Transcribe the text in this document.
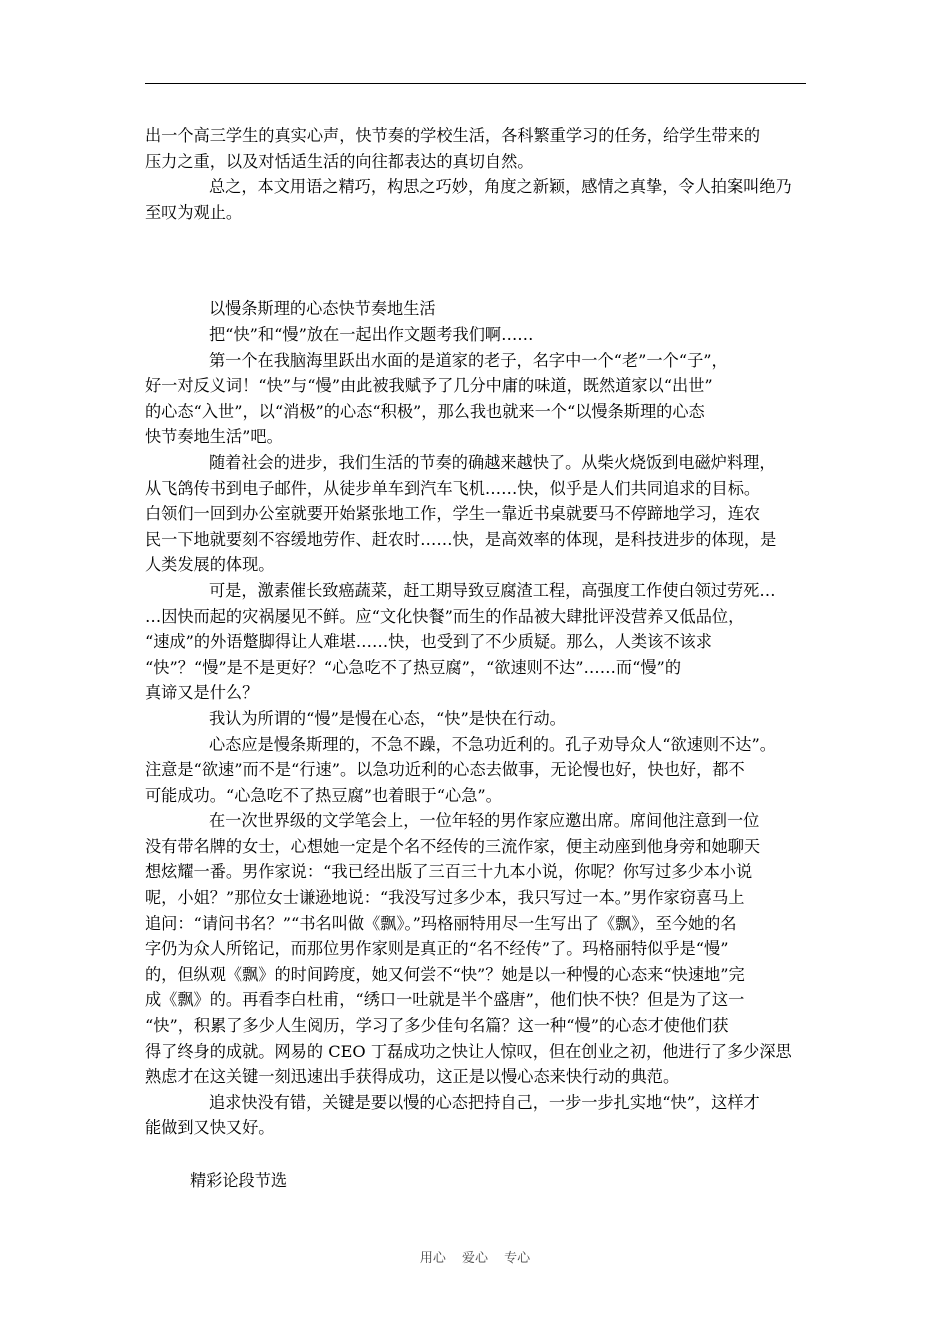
出一个高三学生的真实心声，快节奏的学校生活，各科繁重学习的任务，给学生带来的
压力之重，以及对恬适生活的向往都表达的真切自然。
总之，本文用语之精巧，构思之巧妙，角度之新颖，感情之真挚，令人拍案叫绝乃
至叹为观止。
以慢条斯理的心态快节奏地生活
把“快”和“慢”放在一起出作文题考我们啊……
第一个在我脑海里跃出水面的是道家的老子，名字中一个“老”一个“子”，
好一对反义词！“快”与“慢”由此被我赋予了几分中庸的味道，既然道家以“出世”
的心态“入世”，以“消极”的心态“积极”，那么我也就来一个“以慢条斯理的心态
快节奏地生活”吧。
随着社会的进步，我们生活的节奏的确越来越快了。从柴火烧饭到电磁炉料理，
从飞鸽传书到电子邮件，从徒步单车到汽车飞机……快，似乎是人们共同追求的目标。
白领们一回到办公室就要开始紧张地工作，学生一靠近书桌就要马不停蹄地学习，连农
民一下地就要刻不容缓地劳作、赶农时……快，是高效率的体现，是科技进步的体现，是
人类发展的体现。
可是，激素催长致癌蔬菜，赶工期导致豆腐渣工程，高强度工作使白领过劳死…
…因快而起的灾祸屡见不鲜。应“文化快餐”而生的作品被大肆批评没营养又低品位，
“速成”的外语蹩脚得让人难堪……快，也受到了不少质疑。那么，人类该不该求
“快”？“慢”是不是更好？“心急吃不了热豆腐”，“欲速则不达”……而“慢”的
真谛又是什么？
我认为所谓的“慢”是慢在心态，“快”是快在行动。
心态应是慢条斯理的，不急不躁，不急功近利的。孔子劝导众人“欲速则不达”。
注意是“欲速”而不是“行速”。以急功近利的心态去做事，无论慢也好，快也好，都不
可能成功。“心急吃不了热豆腐”也着眼于“心急”。
在一次世界级的文学笔会上，一位年轻的男作家应邀出席。席间他注意到一位
没有带名牌的女士，心想她一定是个名不经传的三流作家，便主动座到他身旁和她聊天
想炫耀一番。男作家说：“我已经出版了三百三十九本小说，你呢？你写过多少本小说
呢，小姐？”那位女士谦逊地说：“我没写过多少本，我只写过一本。”男作家窃喜马上
追问：“请问书名？”“书名叫做《飘》。”玛格丽特用尽一生写出了《飘》，至今她的名
字仍为众人所铭记，而那位男作家则是真正的“名不经传”了。玛格丽特似乎是“慢”
的，但纵观《飘》的时间跨度，她又何尝不“快”？她是以一种慢的心态来“快速地”完
成《飘》的。再看李白杜甫，“绣口一吐就是半个盛唐”，他们快不快？但是为了这一
“快”，积累了多少人生阅历，学习了多少佳句名篇？这一种“慢”的心态才使他们获
得了终身的成就。网易的 CEO 丁磊成功之快让人惊叹，但在创业之初，他进行了多少深思
熟虑才在这关键一刻迅速出手获得成功，这正是以慢心态来快行动的典范。
追求快没有错，关键是要以慢的心态把持自己，一步一步扎实地“快”，这样才
能做到又快又好。
精彩论段节选
用心 爱心 专心
